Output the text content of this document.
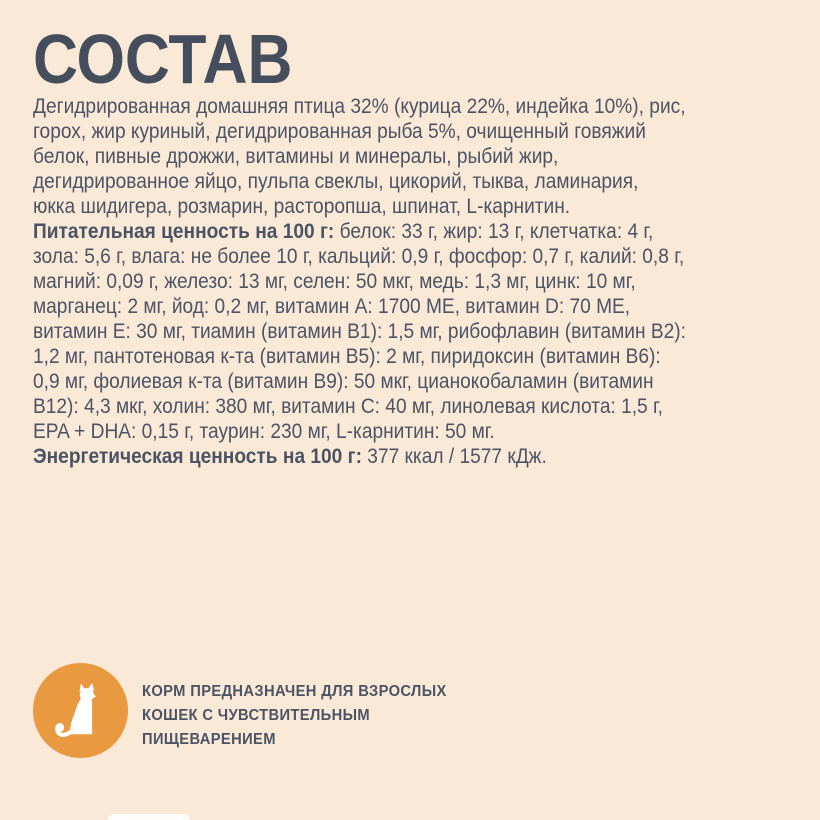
СОСТАВ

Дегидрированная домашняя птица 32% (курица 22%, индейка 10%), рис,
горох, жир куриный, дегидрированная рыба 5%, очищенный говяжий
белок, пивные дрожжи, витамины и минералы, рыбий жир,
дегидрированное яйцо, пульпа свеклы, цикорий, тыква, ламинария,
юкка шидигера, розмарин, расторопша, шпинат, L-карнитин.

Питательная ценность на 100 г: белок: 33 г, жир: 13 г, клетчатка: 4 г,
зола: 5,6 г, влага: не более 10 г, кальций: 0,9 г, фосфор: 0,7 г, калий: 0,8 г,
магний: 0,09 г, железо: 13 мг, селен: 50 мкг, медь: 1,3 мг, цинк: 10 мг,
марганец: 2 мг, йод: 0,2 мг, витамин А: 1700 МЕ, витамин D: 70 МЕ,
витамин Е: 30 мг, тиамин (витамин В1): 1,5 мг, рибофлавин (витамин В2):
1,2 мг, пантотеновая к-та (витамин В5): 2 мг, пиридоксин (витамин В6):
0,9 мг, фолиевая к-та (витамин В9): 50 мкг, цианокобаламин (витамин
В12): 4,3 мкг, холин: 380 мг, витамин С: 40 мг, линолевая кислота: 1,5 г,
EPA + DHA: 0,15 г, таурин: 230 мг, L-карнитин: 50 мг.

Энергетическая ценность на 100 г: 377 ккал / 1577 кДж.

КОРМ ПРЕДНАЗНАЧЕН ДЛЯ ВЗРОСЛЫХ
КОШЕК С ЧУВСТВИТЕЛЬНЫМ
ПИЩЕВАРЕНИЕМ
